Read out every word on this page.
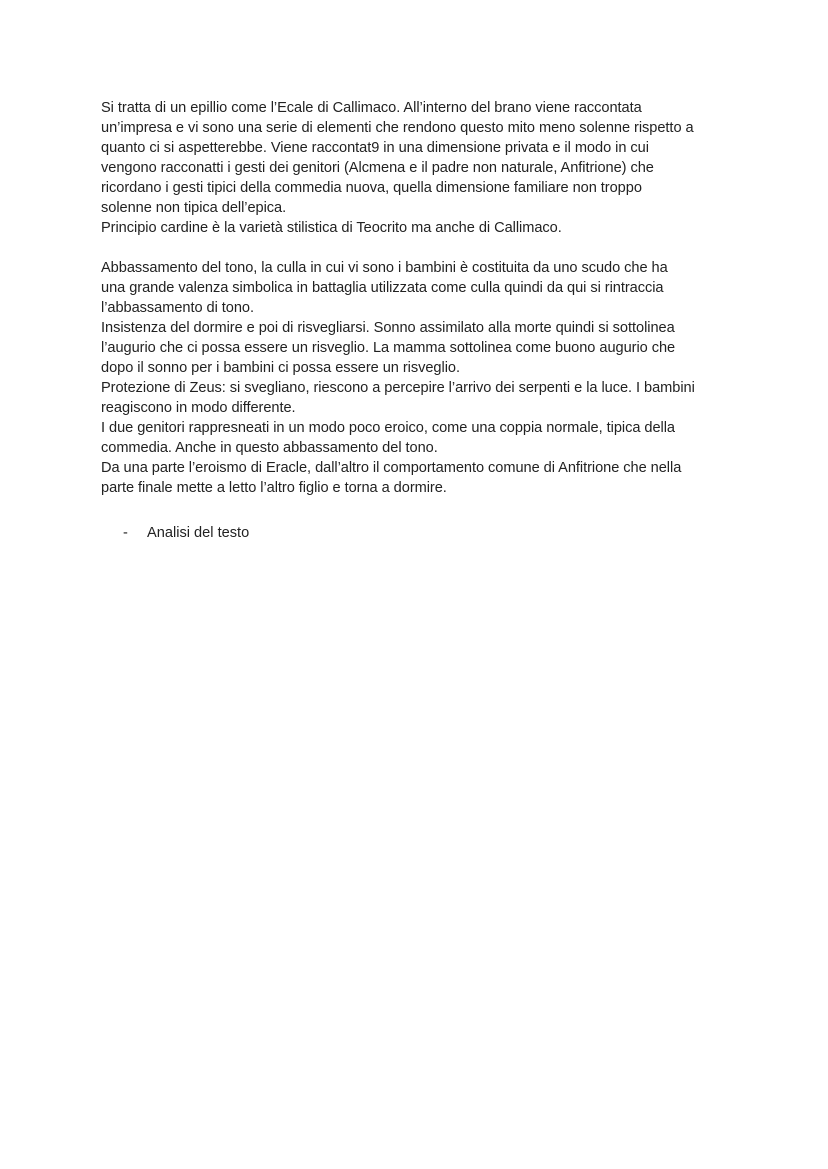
Si tratta di un epillio come l’Ecale di Callimaco. All’interno del brano viene raccontata
un’impresa e vi sono una serie di elementi che rendono questo mito meno solenne rispetto a
quanto ci si aspetterebbe. Viene raccontat9 in una dimensione privata e il modo in cui
vengono racconatti i gesti dei genitori (Alcmena e il padre non naturale, Anfitrione) che
ricordano i gesti tipici della commedia nuova, quella dimensione familiare non troppo
solenne non tipica dell’epica.
Principio cardine è la varietà stilistica di Teocrito ma anche di Callimaco.
Abbassamento del tono, la culla in cui vi sono i bambini è costituita da uno scudo che ha
una grande valenza simbolica in battaglia utilizzata come culla quindi da qui si rintraccia
l’abbassamento di tono.
Insistenza del dormire e poi di risvegliarsi. Sonno assimilato alla morte quindi si sottolinea
l’augurio che ci possa essere un risveglio. La mamma sottolinea come buono augurio che
dopo il sonno per i bambini ci possa essere un risveglio.
Protezione di Zeus: si svegliano, riescono a percepire l’arrivo dei serpenti e la luce. I bambini
reagiscono in modo differente.
I due genitori rappresneati in un modo poco eroico, come una coppia normale, tipica della
commedia. Anche in questo abbassamento del tono.
Da una parte l’eroismo di Eracle, dall’altro il comportamento comune di Anfitrione che nella
parte finale mette a letto l’altro figlio e torna a dormire.
-	Analisi del testo
